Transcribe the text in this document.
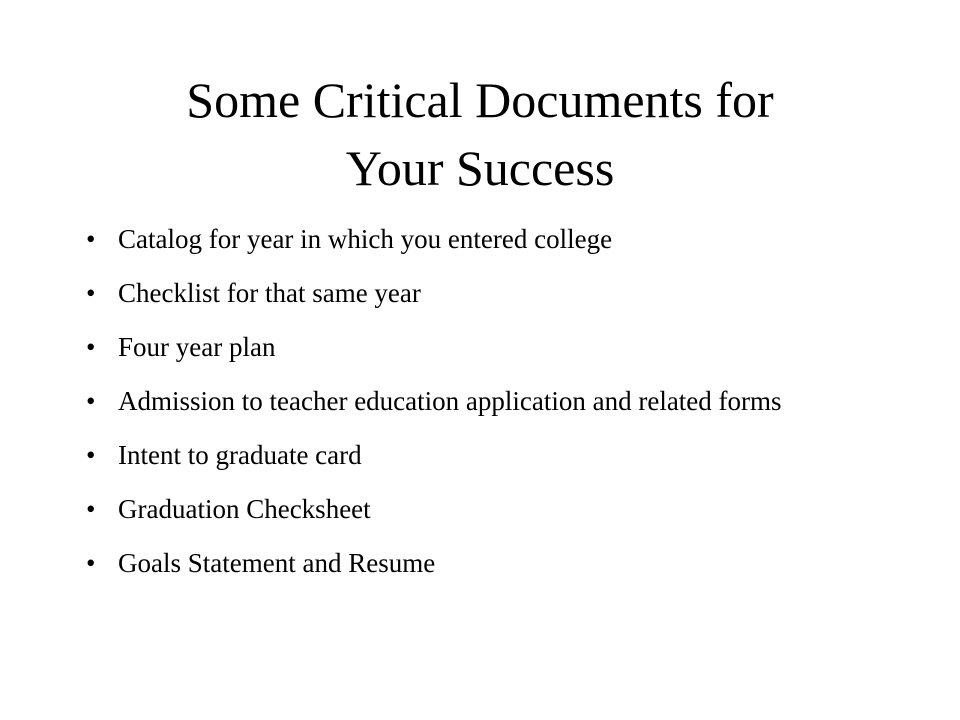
Some Critical Documents for
Your Success
• Catalog for year in which you entered college
• Checklist for that same year
• Four year plan
• Admission to teacher education application and related forms
• Intent to graduate card
• Graduation Checksheet
• Goals Statement and Resume
